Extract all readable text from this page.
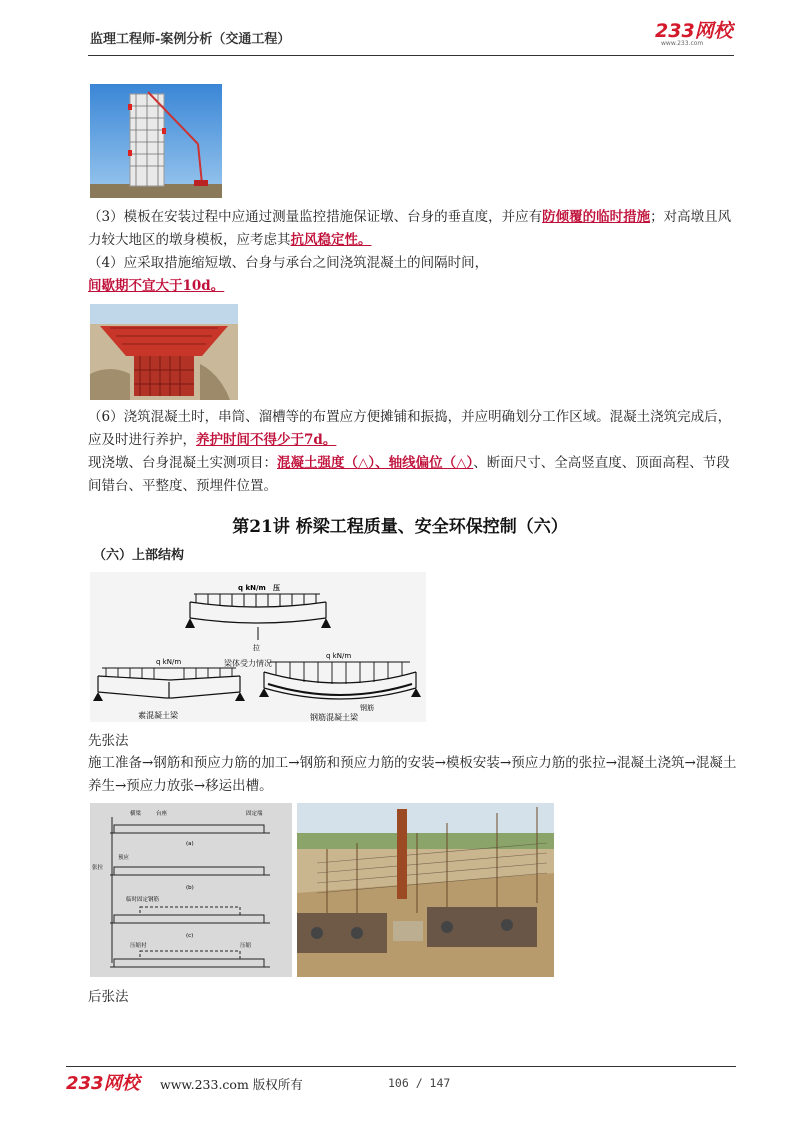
监理工程师-案例分析（交通工程）	233网校
www.233.com
（3）模板在安装过程中应通过测量监控措施保证墩、台身的垂直度，并应有防倾覆的临时措施；对高墩且风力较大地区的墩身模板，应考虑其抗风稳定性。
（4）应采取措施缩短墩、台身与承台之间浇筑混凝土的间隔时间，
间歇期不宜大于10d。
（6）浇筑混凝土时，串筒、溜槽等的布置应方便摊铺和振捣，并应明确划分工作区域。混凝土浇筑完成后，应及时进行养护，养护时间不得少于7d。
现浇墩、台身混凝土实测项目：混凝土强度（△）、轴线偏位（△）、断面尺寸、全高竖直度、顶面高程、节段间错台、平整度、预埋件位置。
第21讲 桥梁工程质量、安全环保控制（六）
（六）上部结构
q kN/m 压
拉
梁体受力情况
q kN/m
素混凝土梁
q kN/m
钢筋
钢筋混凝土梁
先张法
施工准备→钢筋和预应力筋的加工→钢筋和预应力筋的安装→模板安装→预应力筋的张拉→混凝土浇筑→混凝土养生→预应力放张→移运出槽。
横梁	台座	固定端
(a)
张拉
预应
(b)
临时固定钢筋
(c)
压缩衬	压缩
后张法
233网校 www.233.com 版权所有	106 / 147
